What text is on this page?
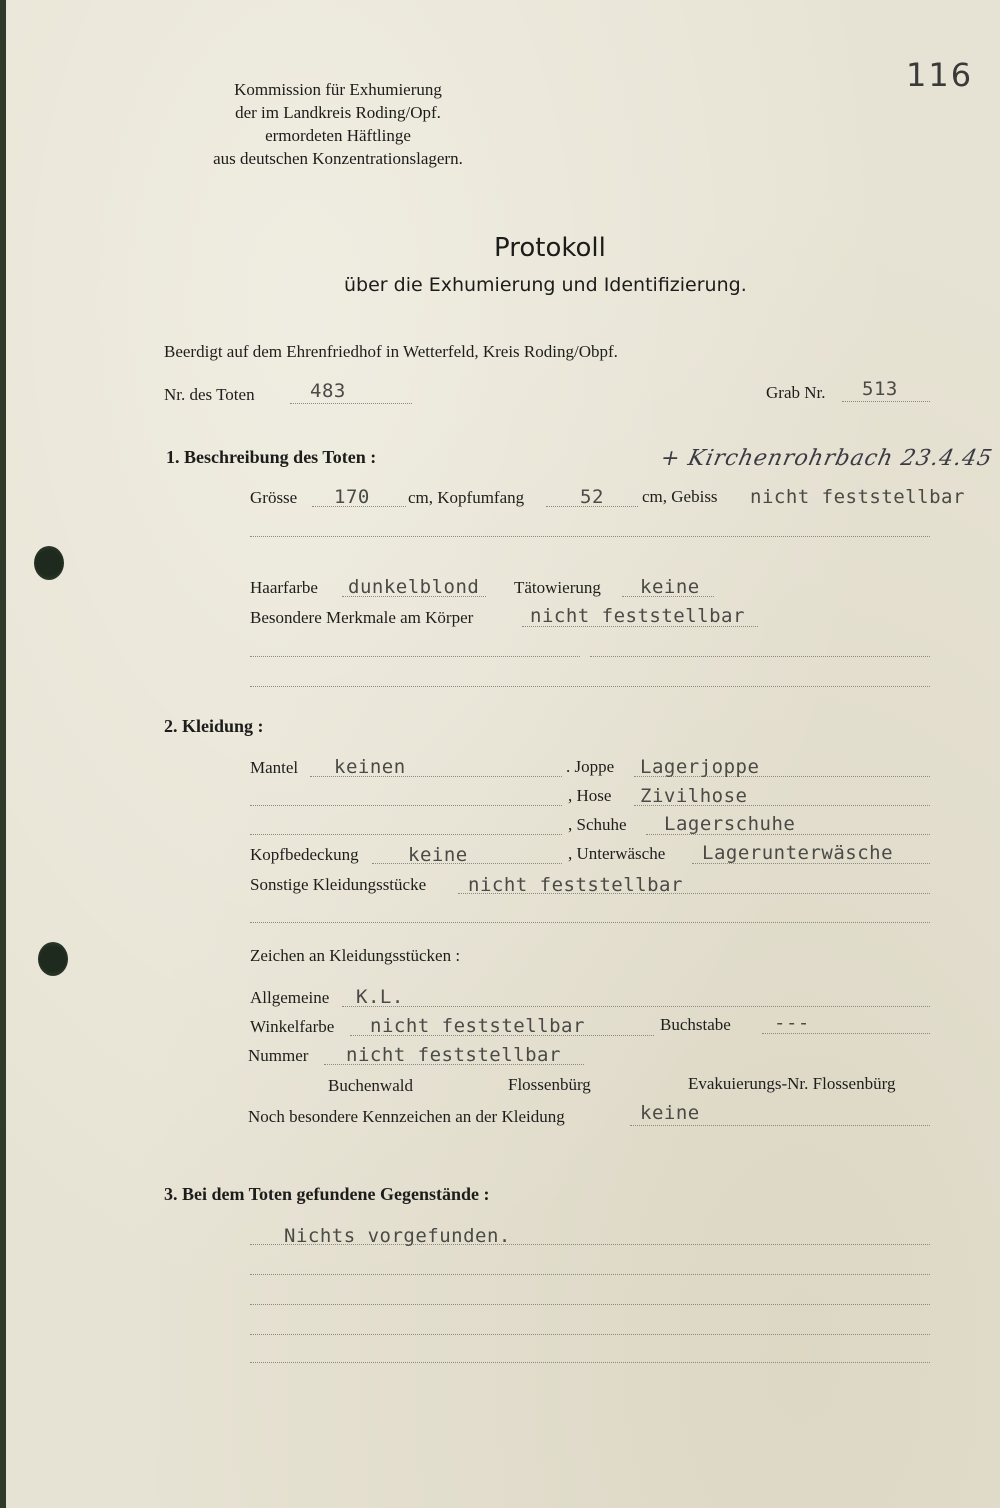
116
Kommission für Exhumierung
der im Landkreis Roding/Opf.
ermordeten Häftlinge
aus deutschen Konzentrationslagern.
Protokoll
über die Exhumierung und Identifizierung.
Beerdigt auf dem Ehrenfriedhof in Wetterfeld, Kreis Roding/Obpf.
Nr. des Toten	483	Grab Nr. 513
1. Beschreibung des Toten :	+ Kirchenrohrbach 23.4.45
Grösse 170 cm, Kopfumfang	52 cm, Gebiss nicht feststellbar
Haarfarbe dunkelblond Tätowierung keine
Besondere Merkmale am Körper	nicht feststellbar
2. Kleidung :
Mantel keinen	. Joppe Lagerjoppe
, Hose Zivilhose
, Schuhe Lagerschuhe
Kopfbedeckung	keine	, Unterwäsche Lagerunterwäsche
Sonstige Kleidungsstücke nicht feststellbar
Zeichen an Kleidungsstücken :
Allgemeine K.L.
Winkelfarbe nicht feststellbar	Buchstabe ---
Nummer nicht feststellbar
Buchenwald	Flossenbürg	Evakuierungs-Nr. Flossenbürg
Noch besondere Kennzeichen an der Kleidung	keine
3. Bei dem Toten gefundene Gegenstände :
Nichts vorgefunden.
